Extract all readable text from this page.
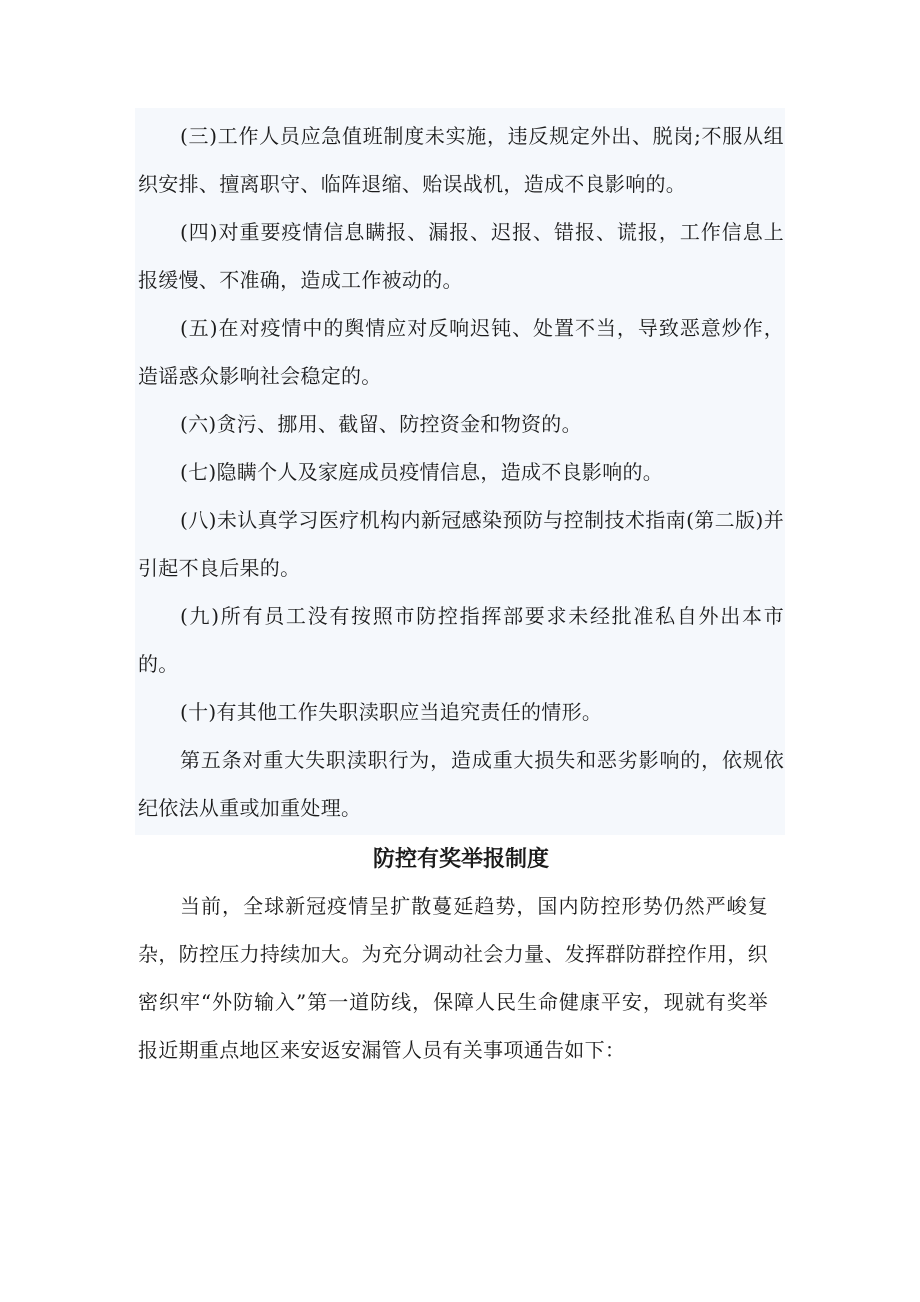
(三)工作人员应急值班制度未实施，违反规定外出、脱岗;不服从组织安排、擅离职守、临阵退缩、贻误战机，造成不良影响的。

(四)对重要疫情信息瞒报、漏报、迟报、错报、谎报，工作信息上报缓慢、不准确，造成工作被动的。

(五)在对疫情中的舆情应对反响迟钝、处置不当，导致恶意炒作，造谣惑众影响社会稳定的。

(六)贪污、挪用、截留、防控资金和物资的。

(七)隐瞒个人及家庭成员疫情信息，造成不良影响的。

(八)未认真学习医疗机构内新冠感染预防与控制技术指南(第二版)并引起不良后果的。

(九)所有员工没有按照市防控指挥部要求未经批准私自外出本市的。

(十)有其他工作失职渎职应当追究责任的情形。

第五条对重大失职渎职行为，造成重大损失和恶劣影响的，依规依纪依法从重或加重处理。

防控有奖举报制度

当前，全球新冠疫情呈扩散蔓延趋势，国内防控形势仍然严峻复杂，防控压力持续加大。为充分调动社会力量、发挥群防群控作用，织密织牢“外防输入”第一道防线，保障人民生命健康平安，现就有奖举报近期重点地区来安返安漏管人员有关事项通告如下：
